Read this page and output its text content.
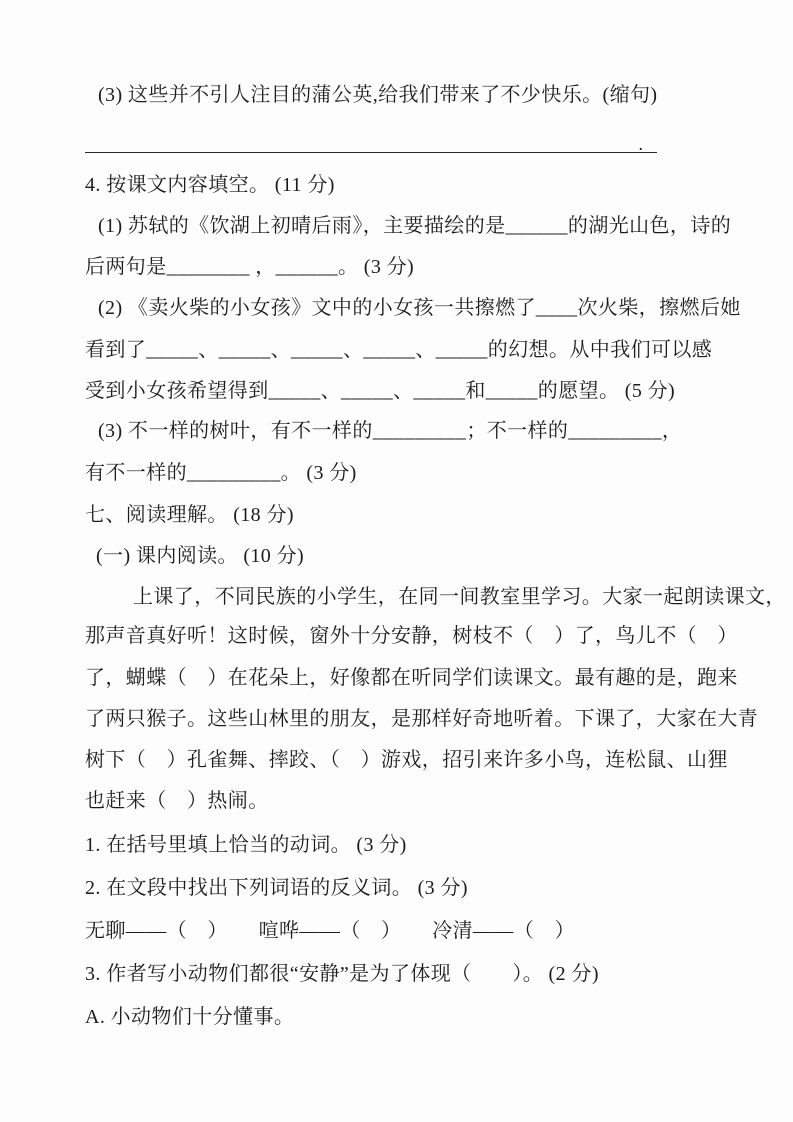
(3) 这些并不引人注目的蒲公英,给我们带来了不少快乐。(缩句)
.
4. 按课文内容填空。 (11 分)
(1) 苏轼的《饮湖上初晴后雨》，主要描绘的是______的湖光山色，诗的
后两句是________ ，______。 (3 分)
(2) 《卖火柴的小女孩》文中的小女孩一共擦燃了____次火柴，擦燃后她
看到了_____、_____、_____、_____、_____的幻想。从中我们可以感
受到小女孩希望得到_____、_____、_____和_____的愿望。 (5 分)
(3) 不一样的树叶，有不一样的_________；不一样的_________，
有不一样的_________。 (3 分)
七、阅读理解。 (18 分)
(一) 课内阅读。 (10 分)
上课了，不同民族的小学生，在同一间教室里学习。大家一起朗读课文，
那声音真好听！这时候，窗外十分安静，树枝不（　）了，鸟儿不（　）
了，蝴蝶（　）在花朵上，好像都在听同学们读课文。最有趣的是，跑来
了两只猴子。这些山林里的朋友，是那样好奇地听着。下课了，大家在大青
树下（　）孔雀舞、摔跤、（　）游戏，招引来许多小鸟，连松鼠、山狸
也赶来（　）热闹。
1. 在括号里填上恰当的动词。 (3 分)
2. 在文段中找出下列词语的反义词。 (3 分)
无聊——（　）　　喧哗——（　）　　冷清——（　）
3. 作者写小动物们都很“安静”是为了体现（　　）。 (2 分)
A. 小动物们十分懂事。
